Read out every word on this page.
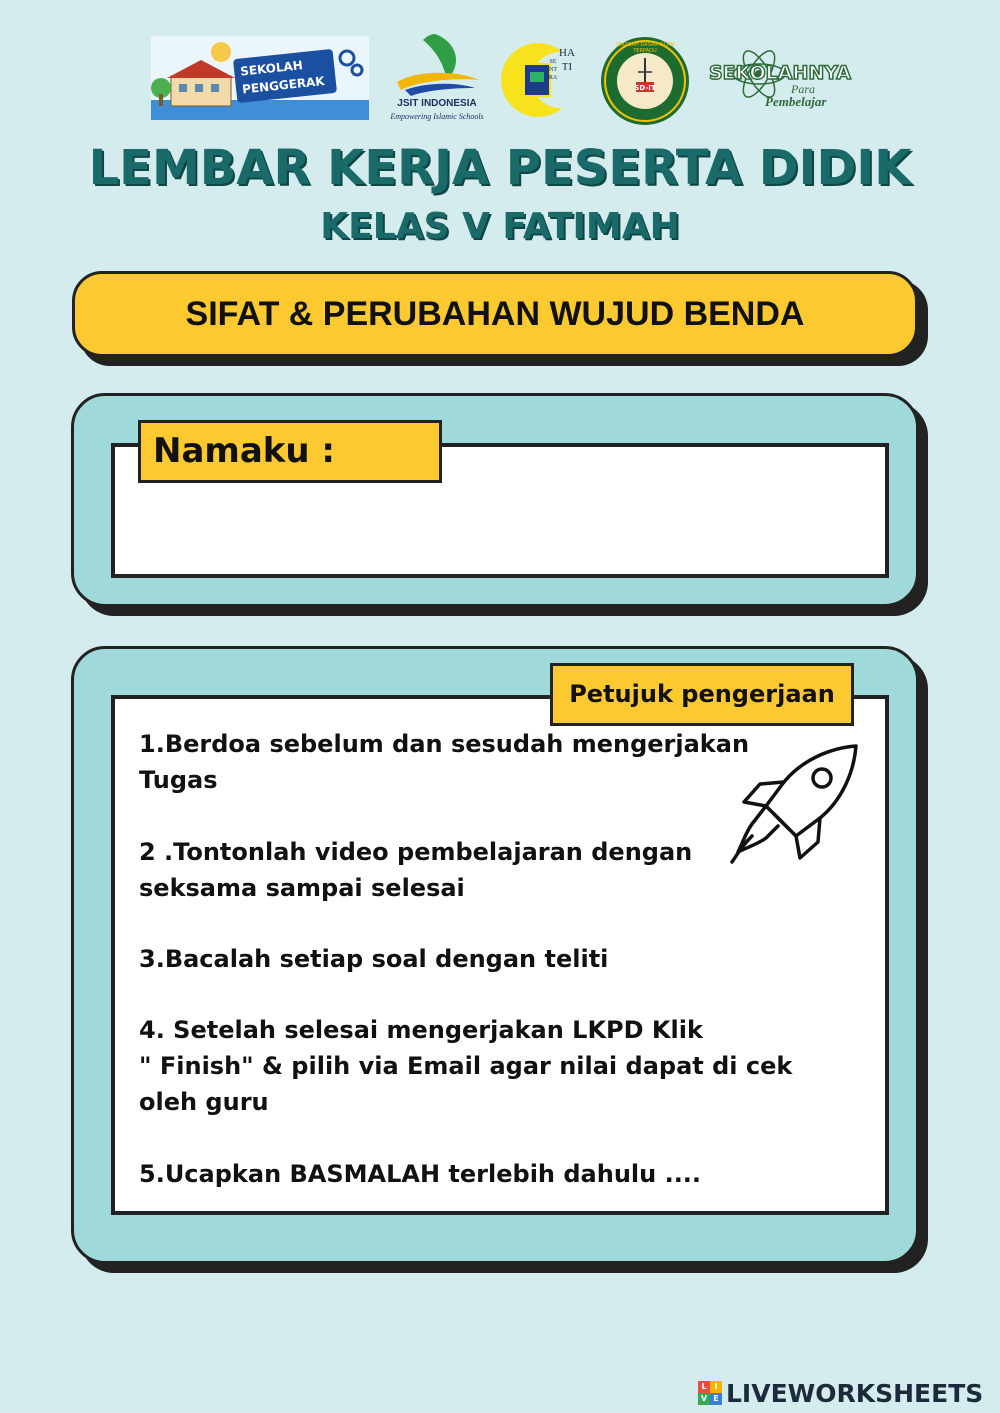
SEKOLAH
PENGGERAK
JSIT INDONESIA
Empowering Islamic Schools
HATI
SENTRA
SD-IT
SEKOLAH DASAR ISLAM TERPADU
SEKOLAHNYA
Para
Pembelajar
LEMBAR KERJA PESERTA DIDIK
KELAS V FATIMAH
SIFAT & PERUBAHAN WUJUD BENDA
Namaku :
Petujuk pengerjaan
1.Berdoa sebelum dan sesudah mengerjakan Tugas
2 .Tontonlah video pembelajaran dengan seksama sampai selesai
3.Bacalah setiap soal dengan teliti
4. Setelah selesai mengerjakan LKPD Klik
" Finish" & pilih via Email agar nilai dapat di cek oleh guru
5.Ucapkan BASMALAH terlebih dahulu ....
L I
V E LIVEWORKSHEETS
